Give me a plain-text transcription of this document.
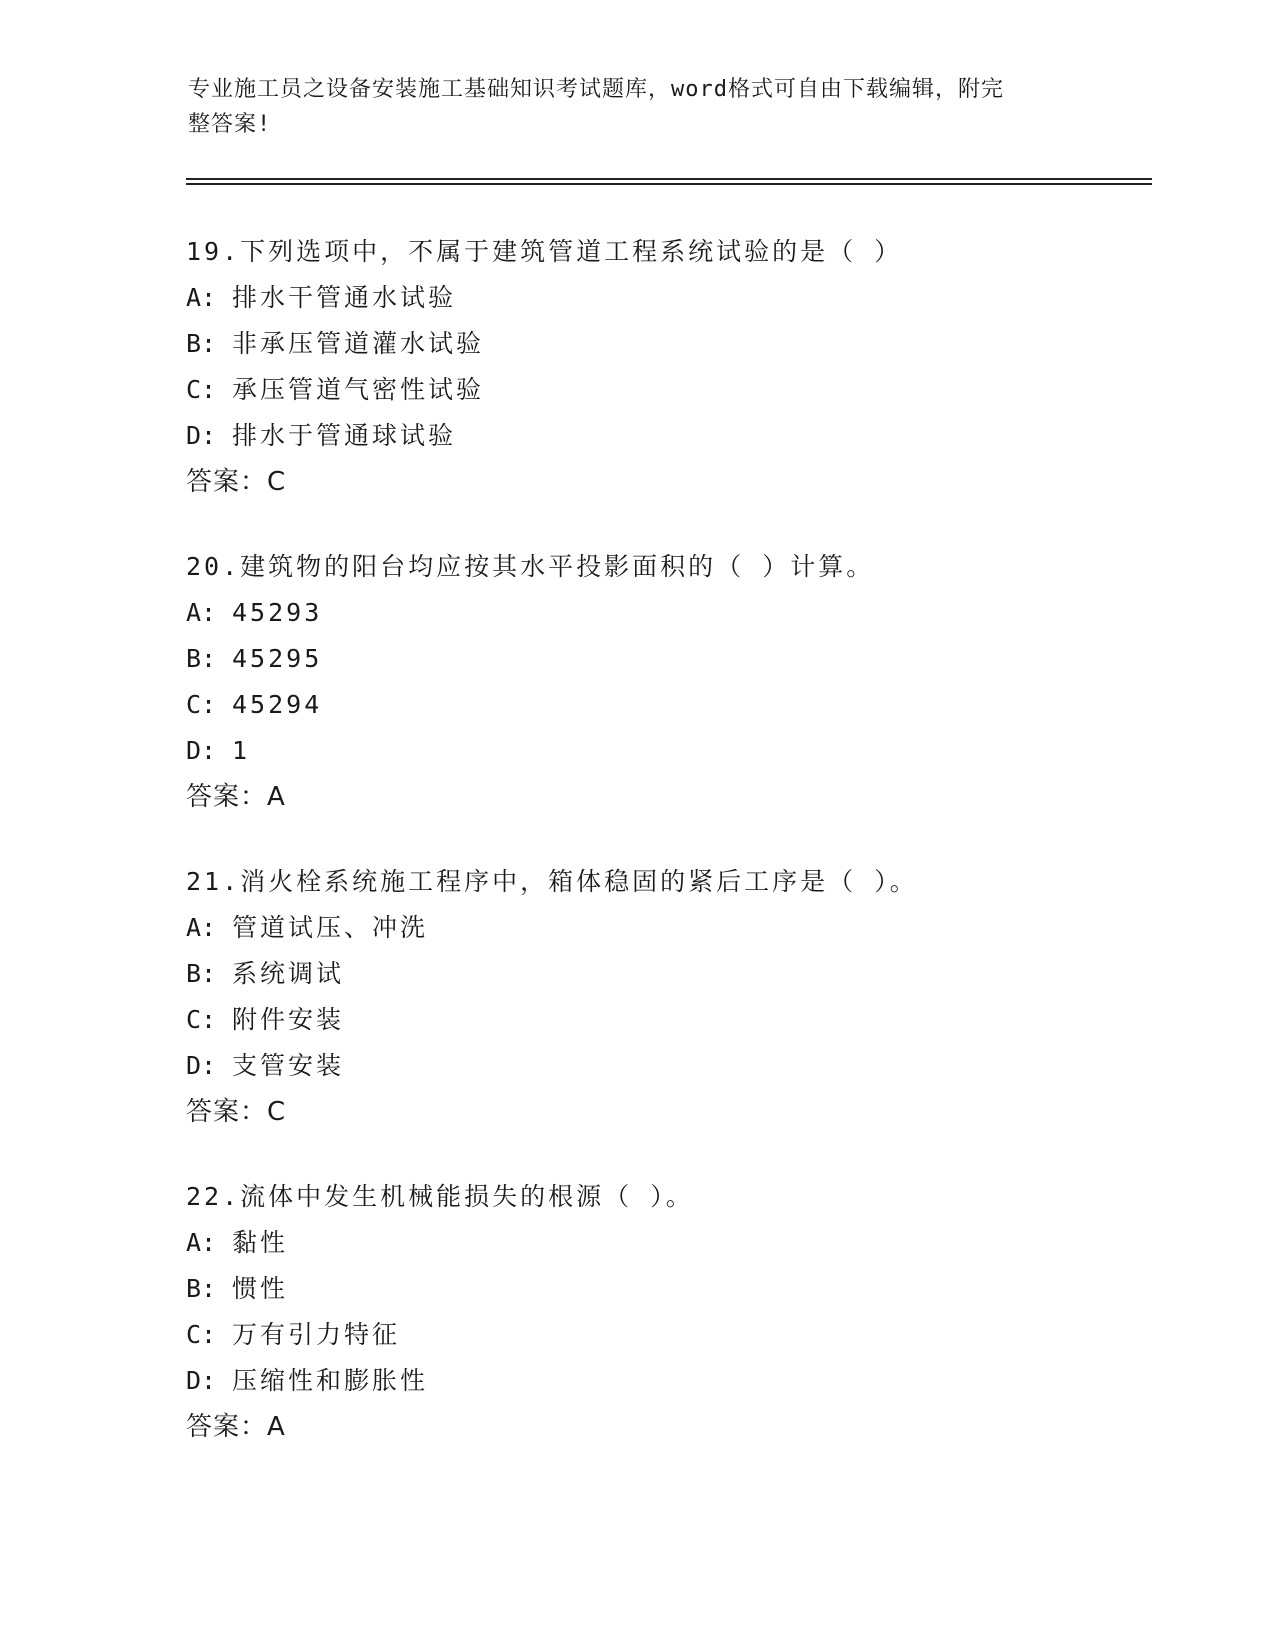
专业施工员之设备安装施工基础知识考试题库，word格式可自由下载编辑，附完
整答案!
19.下列选项中，不属于建筑管道工程系统试验的是（ ）
A: 排水干管通水试验
B: 非承压管道灌水试验
C: 承压管道气密性试验
D: 排水于管通球试验
答案：C
20.建筑物的阳台均应按其水平投影面积的（ ）计算。
A: 45293
B: 45295
C: 45294
D: 1
答案：A
21.消火栓系统施工程序中，箱体稳固的紧后工序是（ ）。
A: 管道试压、冲洗
B: 系统调试
C: 附件安装
D: 支管安装
答案：C
22.流体中发生机械能损失的根源（ ）。
A: 黏性
B: 惯性
C: 万有引力特征
D: 压缩性和膨胀性
答案：A
